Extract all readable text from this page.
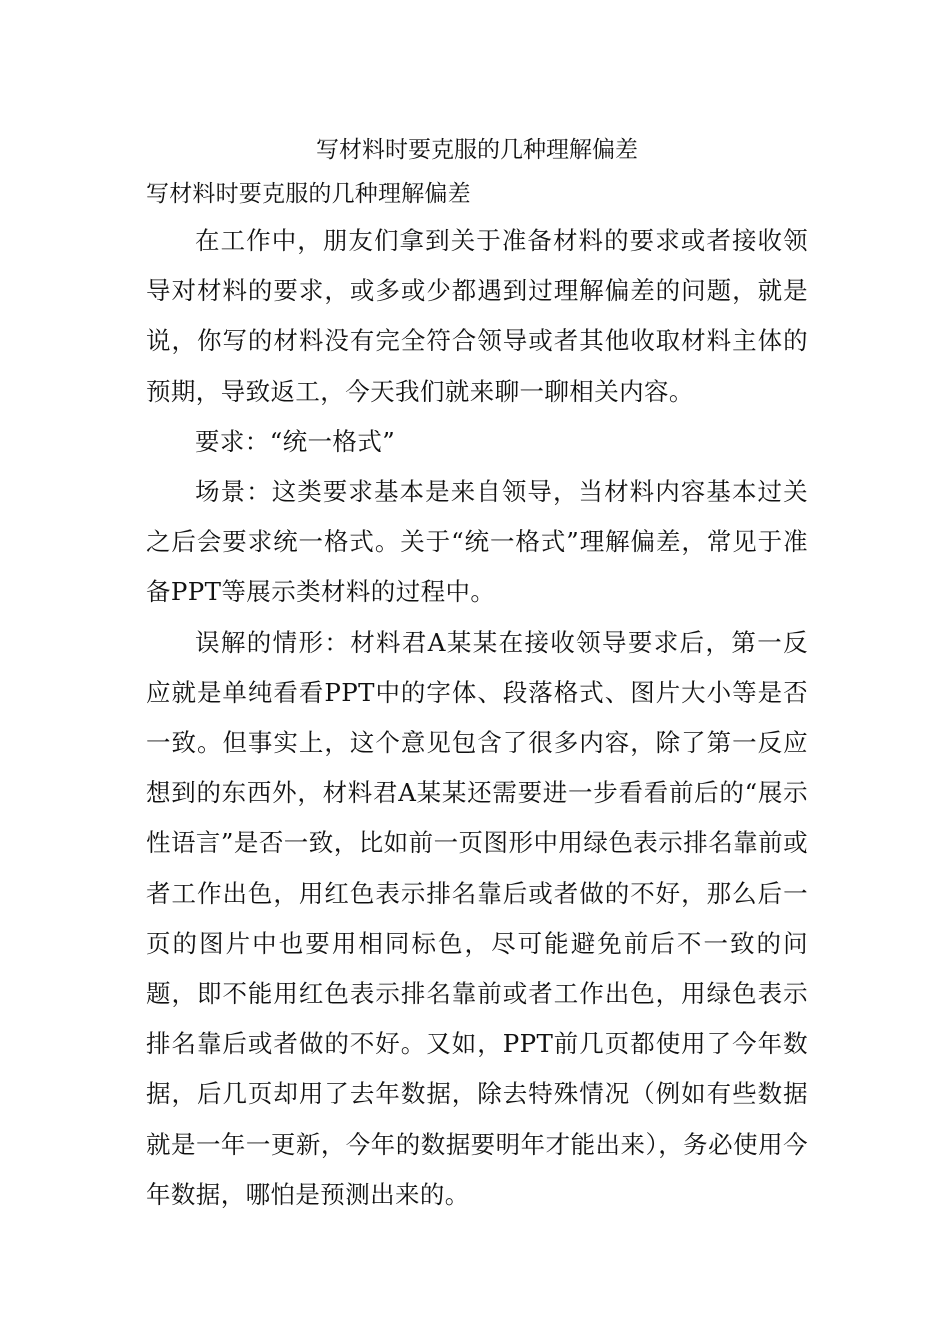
写材料时要克服的几种理解偏差

写材料时要克服的几种理解偏差

在工作中，朋友们拿到关于准备材料的要求或者接收领导对材料的要求，或多或少都遇到过理解偏差的问题，就是说，你写的材料没有完全符合领导或者其他收取材料主体的预期，导致返工，今天我们就来聊一聊相关内容。

要求：“统一格式”

场景：这类要求基本是来自领导，当材料内容基本过关之后会要求统一格式。关于“统一格式”理解偏差，常见于准备PPT等展示类材料的过程中。

误解的情形：材料君A某某在接收领导要求后，第一反应就是单纯看看PPT中的字体、段落格式、图片大小等是否一致。但事实上，这个意见包含了很多内容，除了第一反应想到的东西外，材料君A某某还需要进一步看看前后的“展示性语言”是否一致，比如前一页图形中用绿色表示排名靠前或者工作出色，用红色表示排名靠后或者做的不好，那么后一页的图片中也要用相同标色，尽可能避免前后不一致的问题，即不能用红色表示排名靠前或者工作出色，用绿色表示排名靠后或者做的不好。又如，PPT前几页都使用了今年数据，后几页却用了去年数据，除去特殊情况（例如有些数据就是一年一更新，今年的数据要明年才能出来），务必使用今年数据，哪怕是预测出来的。
